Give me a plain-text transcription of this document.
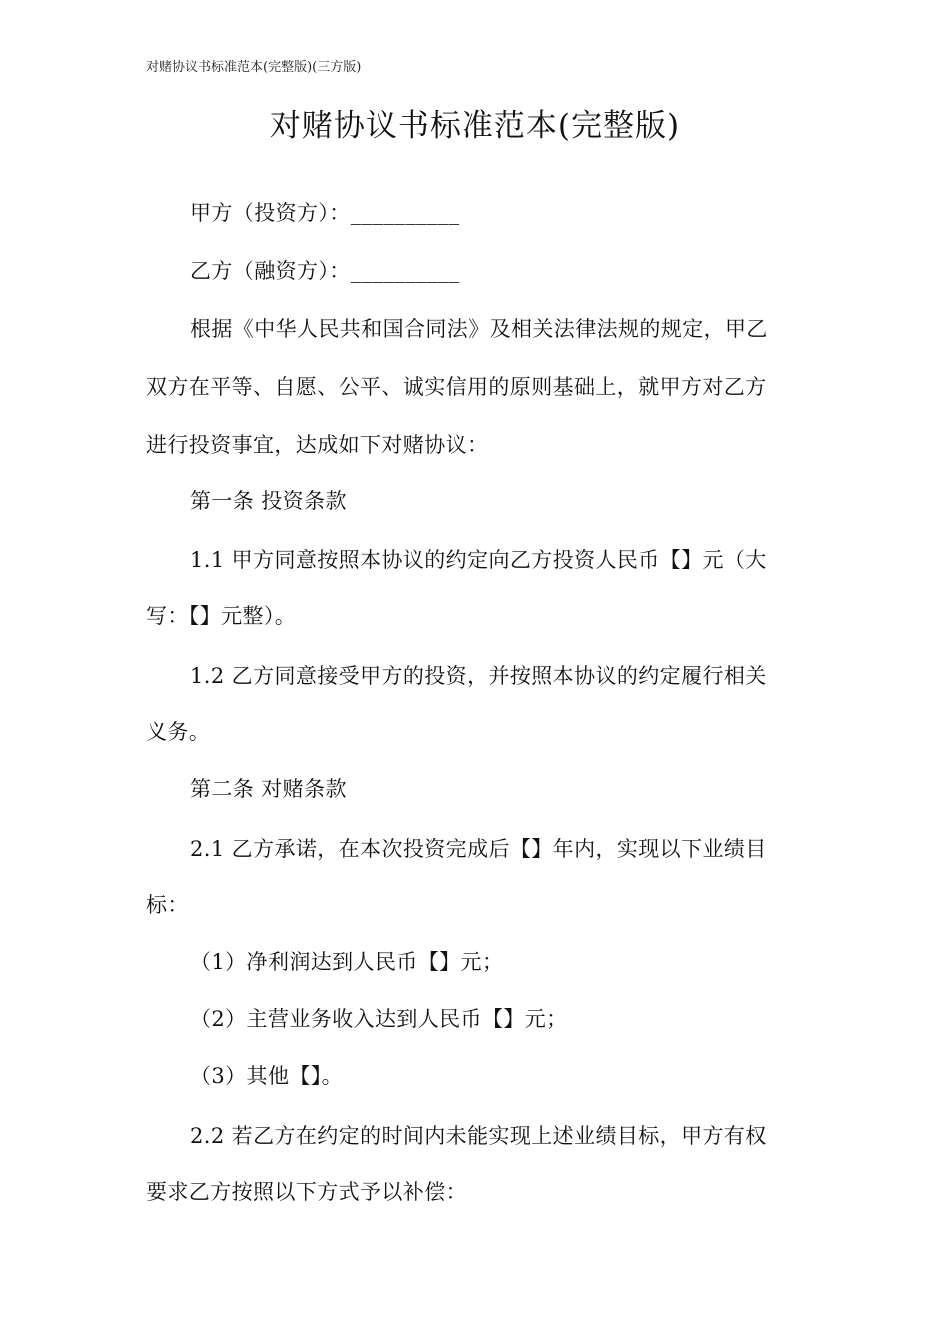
对赌协议书标准范本(完整版)(三方版)
对赌协议书标准范本(完整版)
甲方（投资方）：__________
乙方（融资方）：__________
根据《中华人民共和国合同法》及相关法律法规的规定，甲乙
双方在平等、自愿、公平、诚实信用的原则基础上，就甲方对乙方
进行投资事宜，达成如下对赌协议：
第一条 投资条款
1.1 甲方同意按照本协议的约定向乙方投资人民币【】元（大
写：【】元整）。
1.2 乙方同意接受甲方的投资，并按照本协议的约定履行相关
义务。
第二条 对赌条款
2.1 乙方承诺，在本次投资完成后【】年内，实现以下业绩目
标：
（1）净利润达到人民币【】元；
（2）主营业务收入达到人民币【】元；
（3）其他【】。
2.2 若乙方在约定的时间内未能实现上述业绩目标，甲方有权
要求乙方按照以下方式予以补偿：
